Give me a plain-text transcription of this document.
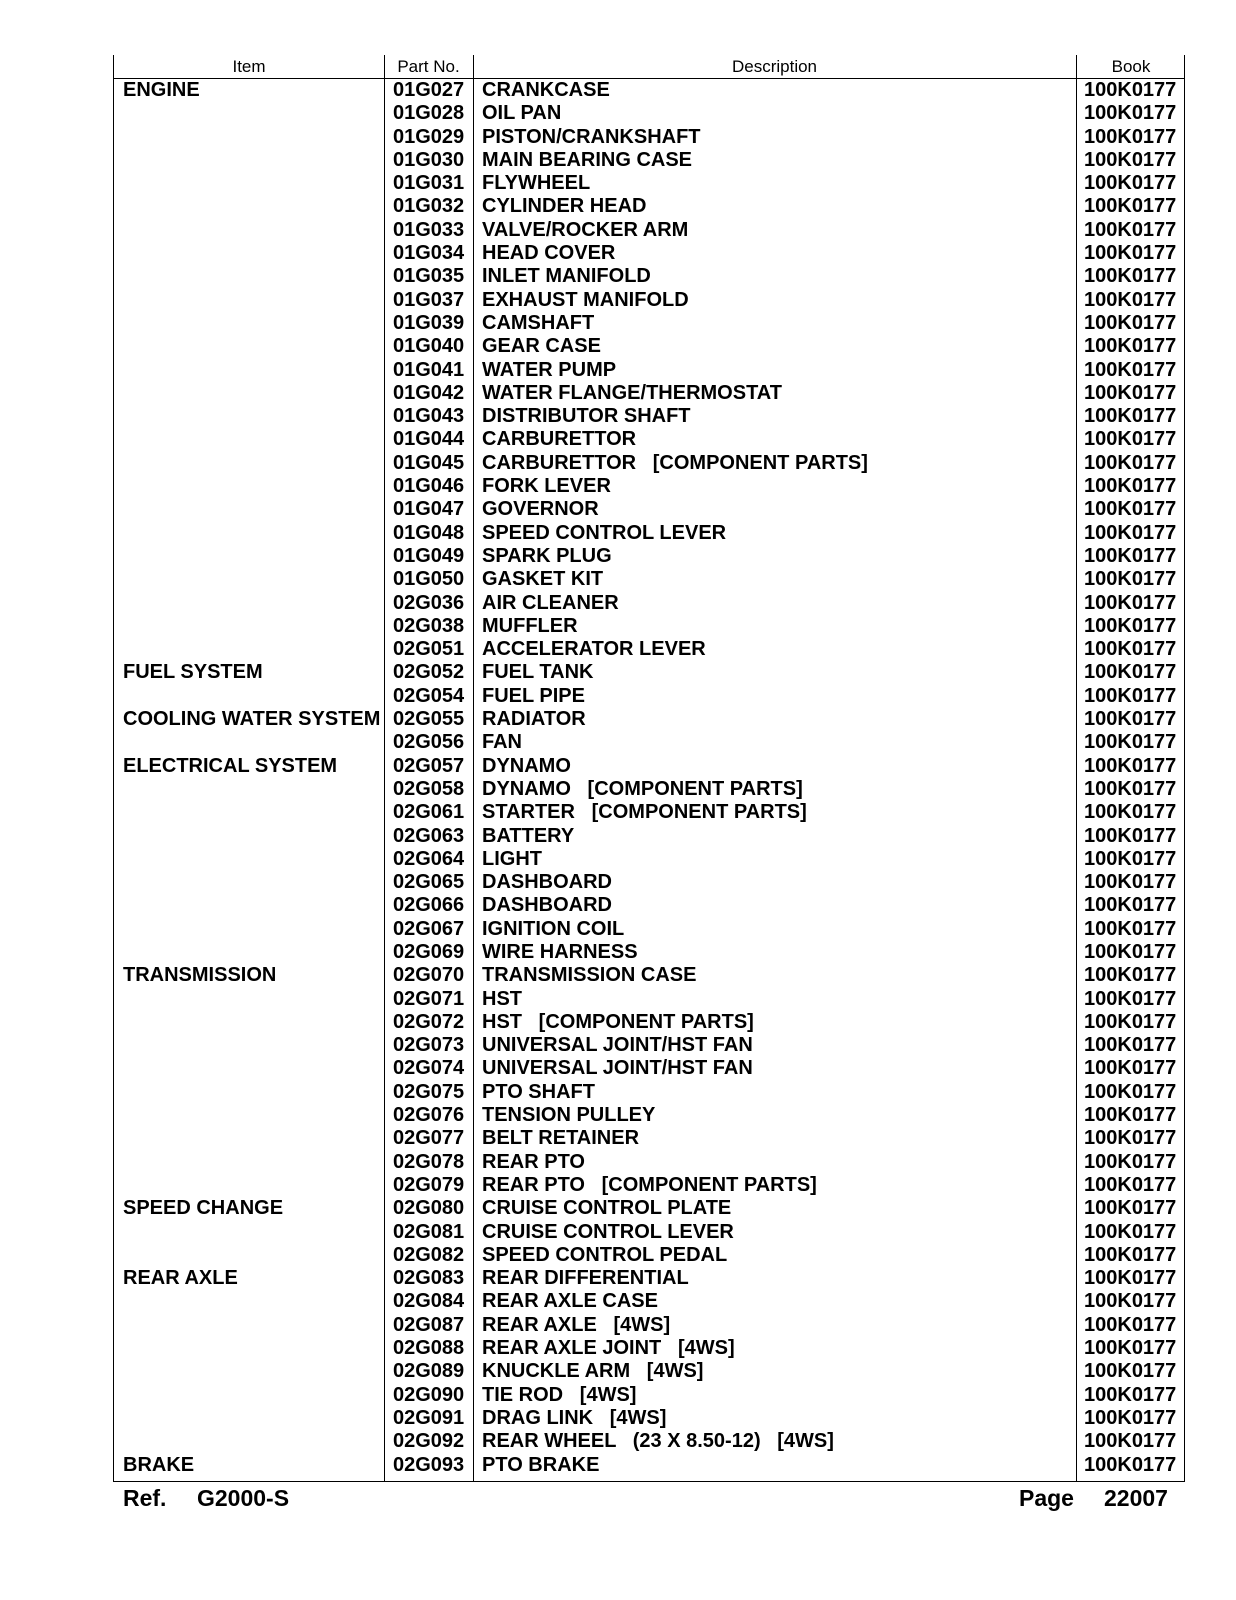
Item	Part No.	Description	Book
ENGINE	01G027 CRANKCASE	100K0177
01G028 OIL PAN	100K0177
01G029 PISTON/CRANKSHAFT	100K0177
01G030 MAIN BEARING CASE	100K0177
01G031 FLYWHEEL	100K0177
01G032 CYLINDER HEAD	100K0177
01G033 VALVE/ROCKER ARM	100K0177
01G034 HEAD COVER	100K0177
01G035 INLET MANIFOLD	100K0177
01G037 EXHAUST MANIFOLD	100K0177
01G039 CAMSHAFT	100K0177
01G040 GEAR CASE	100K0177
01G041 WATER PUMP	100K0177
01G042 WATER FLANGE/THERMOSTAT	100K0177
01G043 DISTRIBUTOR SHAFT	100K0177
01G044 CARBURETTOR	100K0177
01G045 CARBURETTOR   [COMPONENT PARTS]	100K0177
01G046 FORK LEVER	100K0177
01G047 GOVERNOR	100K0177
01G048 SPEED CONTROL LEVER	100K0177
01G049 SPARK PLUG	100K0177
01G050 GASKET KIT	100K0177
02G036 AIR CLEANER	100K0177
02G038 MUFFLER	100K0177
02G051 ACCELERATOR LEVER	100K0177
FUEL SYSTEM	02G052 FUEL TANK	100K0177
02G054 FUEL PIPE	100K0177
COOLING WATER SYSTEM 02G055 RADIATOR	100K0177
02G056 FAN	100K0177
ELECTRICAL SYSTEM	02G057 DYNAMO	100K0177
02G058 DYNAMO   [COMPONENT PARTS]	100K0177
02G061 STARTER   [COMPONENT PARTS]	100K0177
02G063 BATTERY	100K0177
02G064 LIGHT	100K0177
02G065 DASHBOARD	100K0177
02G066 DASHBOARD	100K0177
02G067 IGNITION COIL	100K0177
02G069 WIRE HARNESS	100K0177
TRANSMISSION	02G070 TRANSMISSION CASE	100K0177
02G071 HST	100K0177
02G072 HST   [COMPONENT PARTS]	100K0177
02G073 UNIVERSAL JOINT/HST FAN	100K0177
02G074 UNIVERSAL JOINT/HST FAN	100K0177
02G075 PTO SHAFT	100K0177
02G076 TENSION PULLEY	100K0177
02G077 BELT RETAINER	100K0177
02G078 REAR PTO	100K0177
02G079 REAR PTO   [COMPONENT PARTS]	100K0177
SPEED CHANGE	02G080 CRUISE CONTROL PLATE	100K0177
02G081 CRUISE CONTROL LEVER	100K0177
02G082 SPEED CONTROL PEDAL	100K0177
REAR AXLE	02G083 REAR DIFFERENTIAL	100K0177
02G084 REAR AXLE CASE	100K0177
02G087 REAR AXLE   [4WS]	100K0177
02G088 REAR AXLE JOINT   [4WS]	100K0177
02G089 KNUCKLE ARM   [4WS]	100K0177
02G090 TIE ROD   [4WS]	100K0177
02G091 DRAG LINK   [4WS]	100K0177
02G092 REAR WHEEL   (23 X 8.50-12)   [4WS]	100K0177
BRAKE	02G093 PTO BRAKE	100K0177
Ref. G2000-S	Page 22007
